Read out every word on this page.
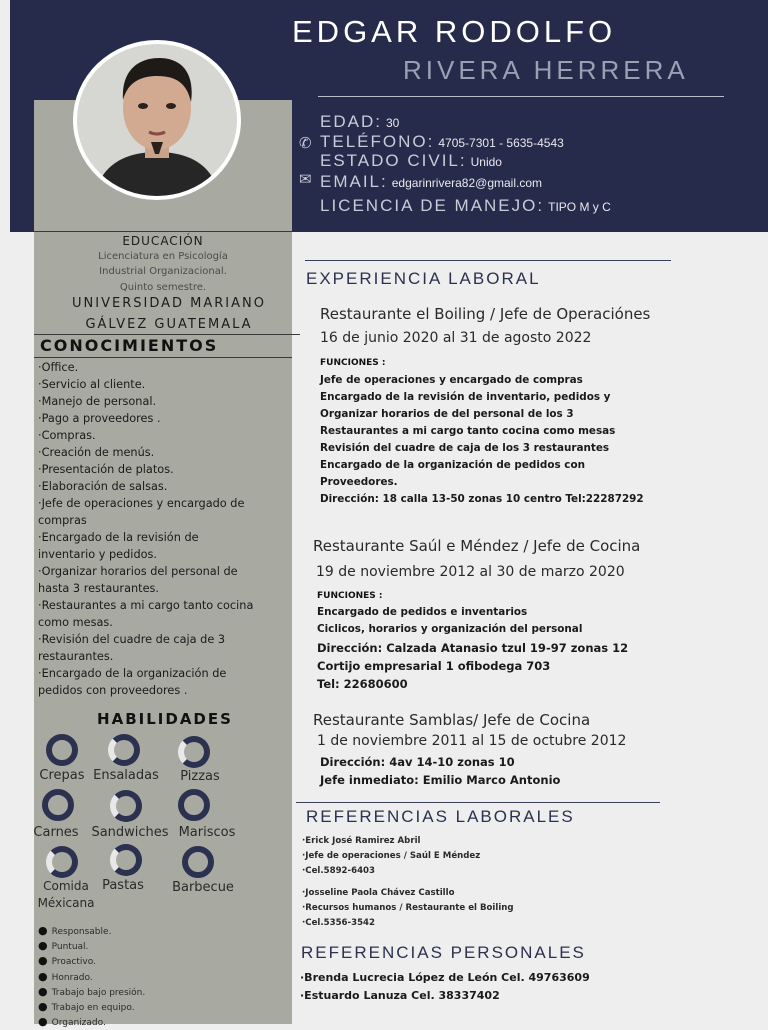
EDGAR RODOLFO
RIVERA HERRERA
EDAD: 30
✆ TELÉFONO: 4705-7301 - 5635-4543
ESTADO CIVIL: Unido
✉ EMAIL: edgarinrivera82@gmail.com
LICENCIA DE MANEJO: TIPO M y C
EDUCACIÓN
Licenciatura en Psicología
Industrial Organizacional.
Quinto semestre.
UNIVERSIDAD MARIANO
GÁLVEZ GUATEMALA
CONOCIMIENTOS
·Office.
·Servicio al cliente.
·Manejo de personal.
·Pago a proveedores .
·Compras.
·Creación de menús.
·Presentación de platos.
·Elaboración de salsas.
·Jefe de operaciones y encargado de compras
·Encargado de la revisión de inventario y pedidos.
·Organizar horarios del personal de hasta 3 restaurantes.
·Restaurantes a mi cargo tanto cocina como mesas.
·Revisión del cuadre de caja de 3 restaurantes.
·Encargado de la organización de pedidos con proveedores .
HABILIDADES
Crepas Ensaladas	Pizzas
Carnes Sandwiches Mariscos
Comida Méxicana
Pastas	Barbecue
● Responsable.
● Puntual.
● Proactivo.
● Honrado.
● Trabajo bajo presión.
● Trabajo en equipo.
● Organizado.
EXPERIENCIA LABORAL
Restaurante el Boiling / Jefe de Operaciónes
16 de junio 2020 al 31 de agosto 2022
FUNCIONES :
Jefe de operaciones y encargado de compras
Encargado de la revisión de inventario, pedidos y
Organizar horarios de del personal de los 3
Restaurantes a mi cargo tanto cocina como mesas
Revisión del cuadre de caja de los 3 restaurantes
Encargado de la organización de pedidos con
Proveedores.
Dirección: 18 calla 13-50 zonas 10 centro Tel:22287292
Restaurante Saúl e Méndez / Jefe de Cocina
19 de noviembre 2012 al 30 de marzo 2020
FUNCIONES :
Encargado de pedidos e inventarios
Ciclicos, horarios y organización del personal
Dirección: Calzada Atanasio tzul 19-97 zonas 12
Cortijo empresarial 1 ofibodega 703
Tel: 22680600
Restaurante Samblas/ Jefe de Cocina
1 de noviembre 2011 al 15 de octubre 2012
Dirección: 4av 14-10 zonas 10
Jefe inmediato: Emilio Marco Antonio
REFERENCIAS LABORALES
·Erick José Ramirez Abril
·Jefe de operaciones / Saúl E Méndez
·Cel.5892-6403
·Josseline Paola Chávez Castillo
·Recursos humanos / Restaurante el Boiling
·Cel.5356-3542
REFERENCIAS PERSONALES
·Brenda Lucrecia López de León Cel. 49763609
·Estuardo Lanuza Cel. 38337402
